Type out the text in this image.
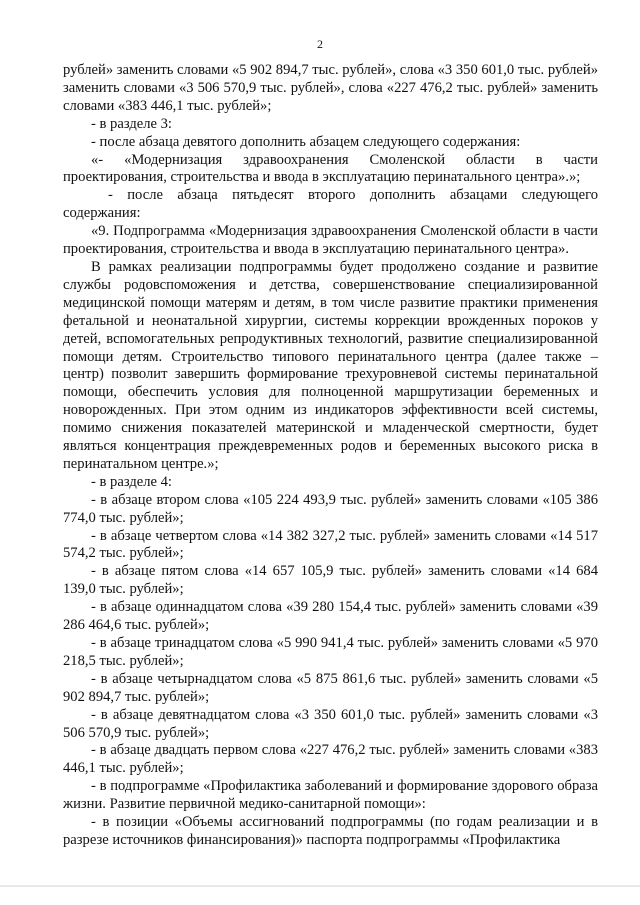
2

рублей» заменить словами «5 902 894,7 тыс. рублей», слова «3 350 601,0 тыс. рублей» заменить словами «3 506 570,9 тыс. рублей», слова «227 476,2 тыс. рублей» заменить словами «383 446,1 тыс. рублей»;

- в разделе 3:

- после абзаца девятого дополнить абзацем следующего содержания:

«- «Модернизация здравоохранения Смоленской области в части проектирования, строительства и ввода в эксплуатацию перинатального центра».»;

- после абзаца пятьдесят второго дополнить абзацами следующего содержания:

«9. Подпрограмма «Модернизация здравоохранения Смоленской области в части проектирования, строительства и ввода в эксплуатацию перинатального центра».

В рамках реализации подпрограммы будет продолжено создание и развитие службы родовспоможения и детства, совершенствование специализированной медицинской помощи матерям и детям, в том числе развитие практики применения фетальной и неонатальной хирургии, системы коррекции врожденных пороков у детей, вспомогательных репродуктивных технологий, развитие специализированной помощи детям. Строительство типового перинатального центра (далее также – центр) позволит завершить формирование трехуровневой системы перинатальной помощи, обеспечить условия для полноценной маршрутизации беременных и новорожденных. При этом одним из индикаторов эффективности всей системы, помимо снижения показателей материнской и младенческой смертности, будет являться концентрация преждевременных родов и беременных высокого риска в перинатальном центре.»;

- в разделе 4:

- в абзаце втором слова «105 224 493,9 тыс. рублей» заменить словами «105 386 774,0 тыс. рублей»;

- в абзаце четвертом слова «14 382 327,2 тыс. рублей» заменить словами «14 517 574,2 тыс. рублей»;

- в абзаце пятом слова «14 657 105,9 тыс. рублей» заменить словами «14 684 139,0 тыс. рублей»;

- в абзаце одиннадцатом слова «39 280 154,4 тыс. рублей» заменить словами «39 286 464,6 тыс. рублей»;

- в абзаце тринадцатом слова «5 990 941,4 тыс. рублей» заменить словами «5 970 218,5 тыс. рублей»;

- в абзаце четырнадцатом слова «5 875 861,6 тыс. рублей» заменить словами «5 902 894,7 тыс. рублей»;

- в абзаце девятнадцатом слова «3 350 601,0 тыс. рублей» заменить словами «3 506 570,9 тыс. рублей»;

- в абзаце двадцать первом слова «227 476,2 тыс. рублей» заменить словами «383 446,1 тыс. рублей»;

- в подпрограмме «Профилактика заболеваний и формирование здорового образа жизни. Развитие первичной медико-санитарной помощи»:

- в позиции «Объемы ассигнований подпрограммы (по годам реализации и в разрезе источников финансирования)» паспорта подпрограммы «Профилактика
